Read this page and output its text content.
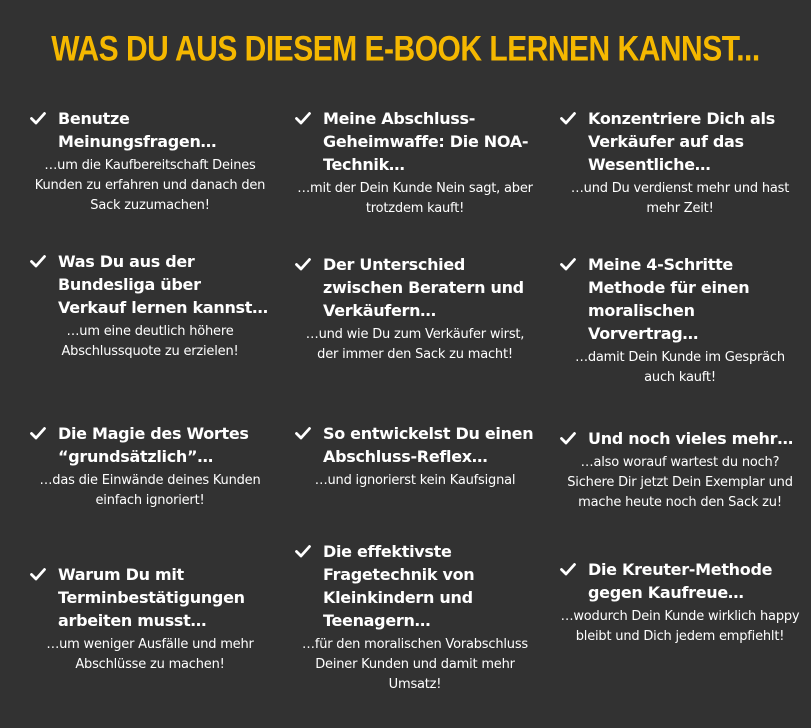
WAS DU AUS DIESEM E-BOOK LERNEN KANNST...
Benutze Meinungsfragen…
…um die Kaufbereitschaft Deines Kunden zu erfahren und danach den Sack zuzumachen!
Meine Abschluss-Geheimwaffe: Die NOA-Technik…
…mit der Dein Kunde Nein sagt, aber trotzdem kauft!
Konzentriere Dich als Verkäufer auf das Wesentliche…
…und Du verdienst mehr und hast mehr Zeit!
Was Du aus der Bundesliga über Verkauf lernen kannst…
…um eine deutlich höhere Abschlussquote zu erzielen!
Der Unterschied zwischen Beratern und Verkäufern…
…und wie Du zum Verkäufer wirst, der immer den Sack zu macht!
Meine 4-Schritte Methode für einen moralischen Vorvertrag…
…damit Dein Kunde im Gespräch auch kauft!
Die Magie des Wortes “grundsätzlich”…
…das die Einwände deines Kunden einfach ignoriert!
So entwickelst Du einen Abschluss-Reflex…
…und ignorierst kein Kaufsignal
Und noch vieles mehr…
…also worauf wartest du noch? Sichere Dir jetzt Dein Exemplar und mache heute noch den Sack zu!
Warum Du mit Terminbestätigungen arbeiten musst…
…um weniger Ausfälle und mehr Abschlüsse zu machen!
Die effektivste Fragetechnik von Kleinkindern und Teenagern…
…für den moralischen Vorabschluss Deiner Kunden und damit mehr Umsatz!
Die Kreuter-Methode gegen Kaufreue…
…wodurch Dein Kunde wirklich happy bleibt und Dich jedem empfiehlt!
